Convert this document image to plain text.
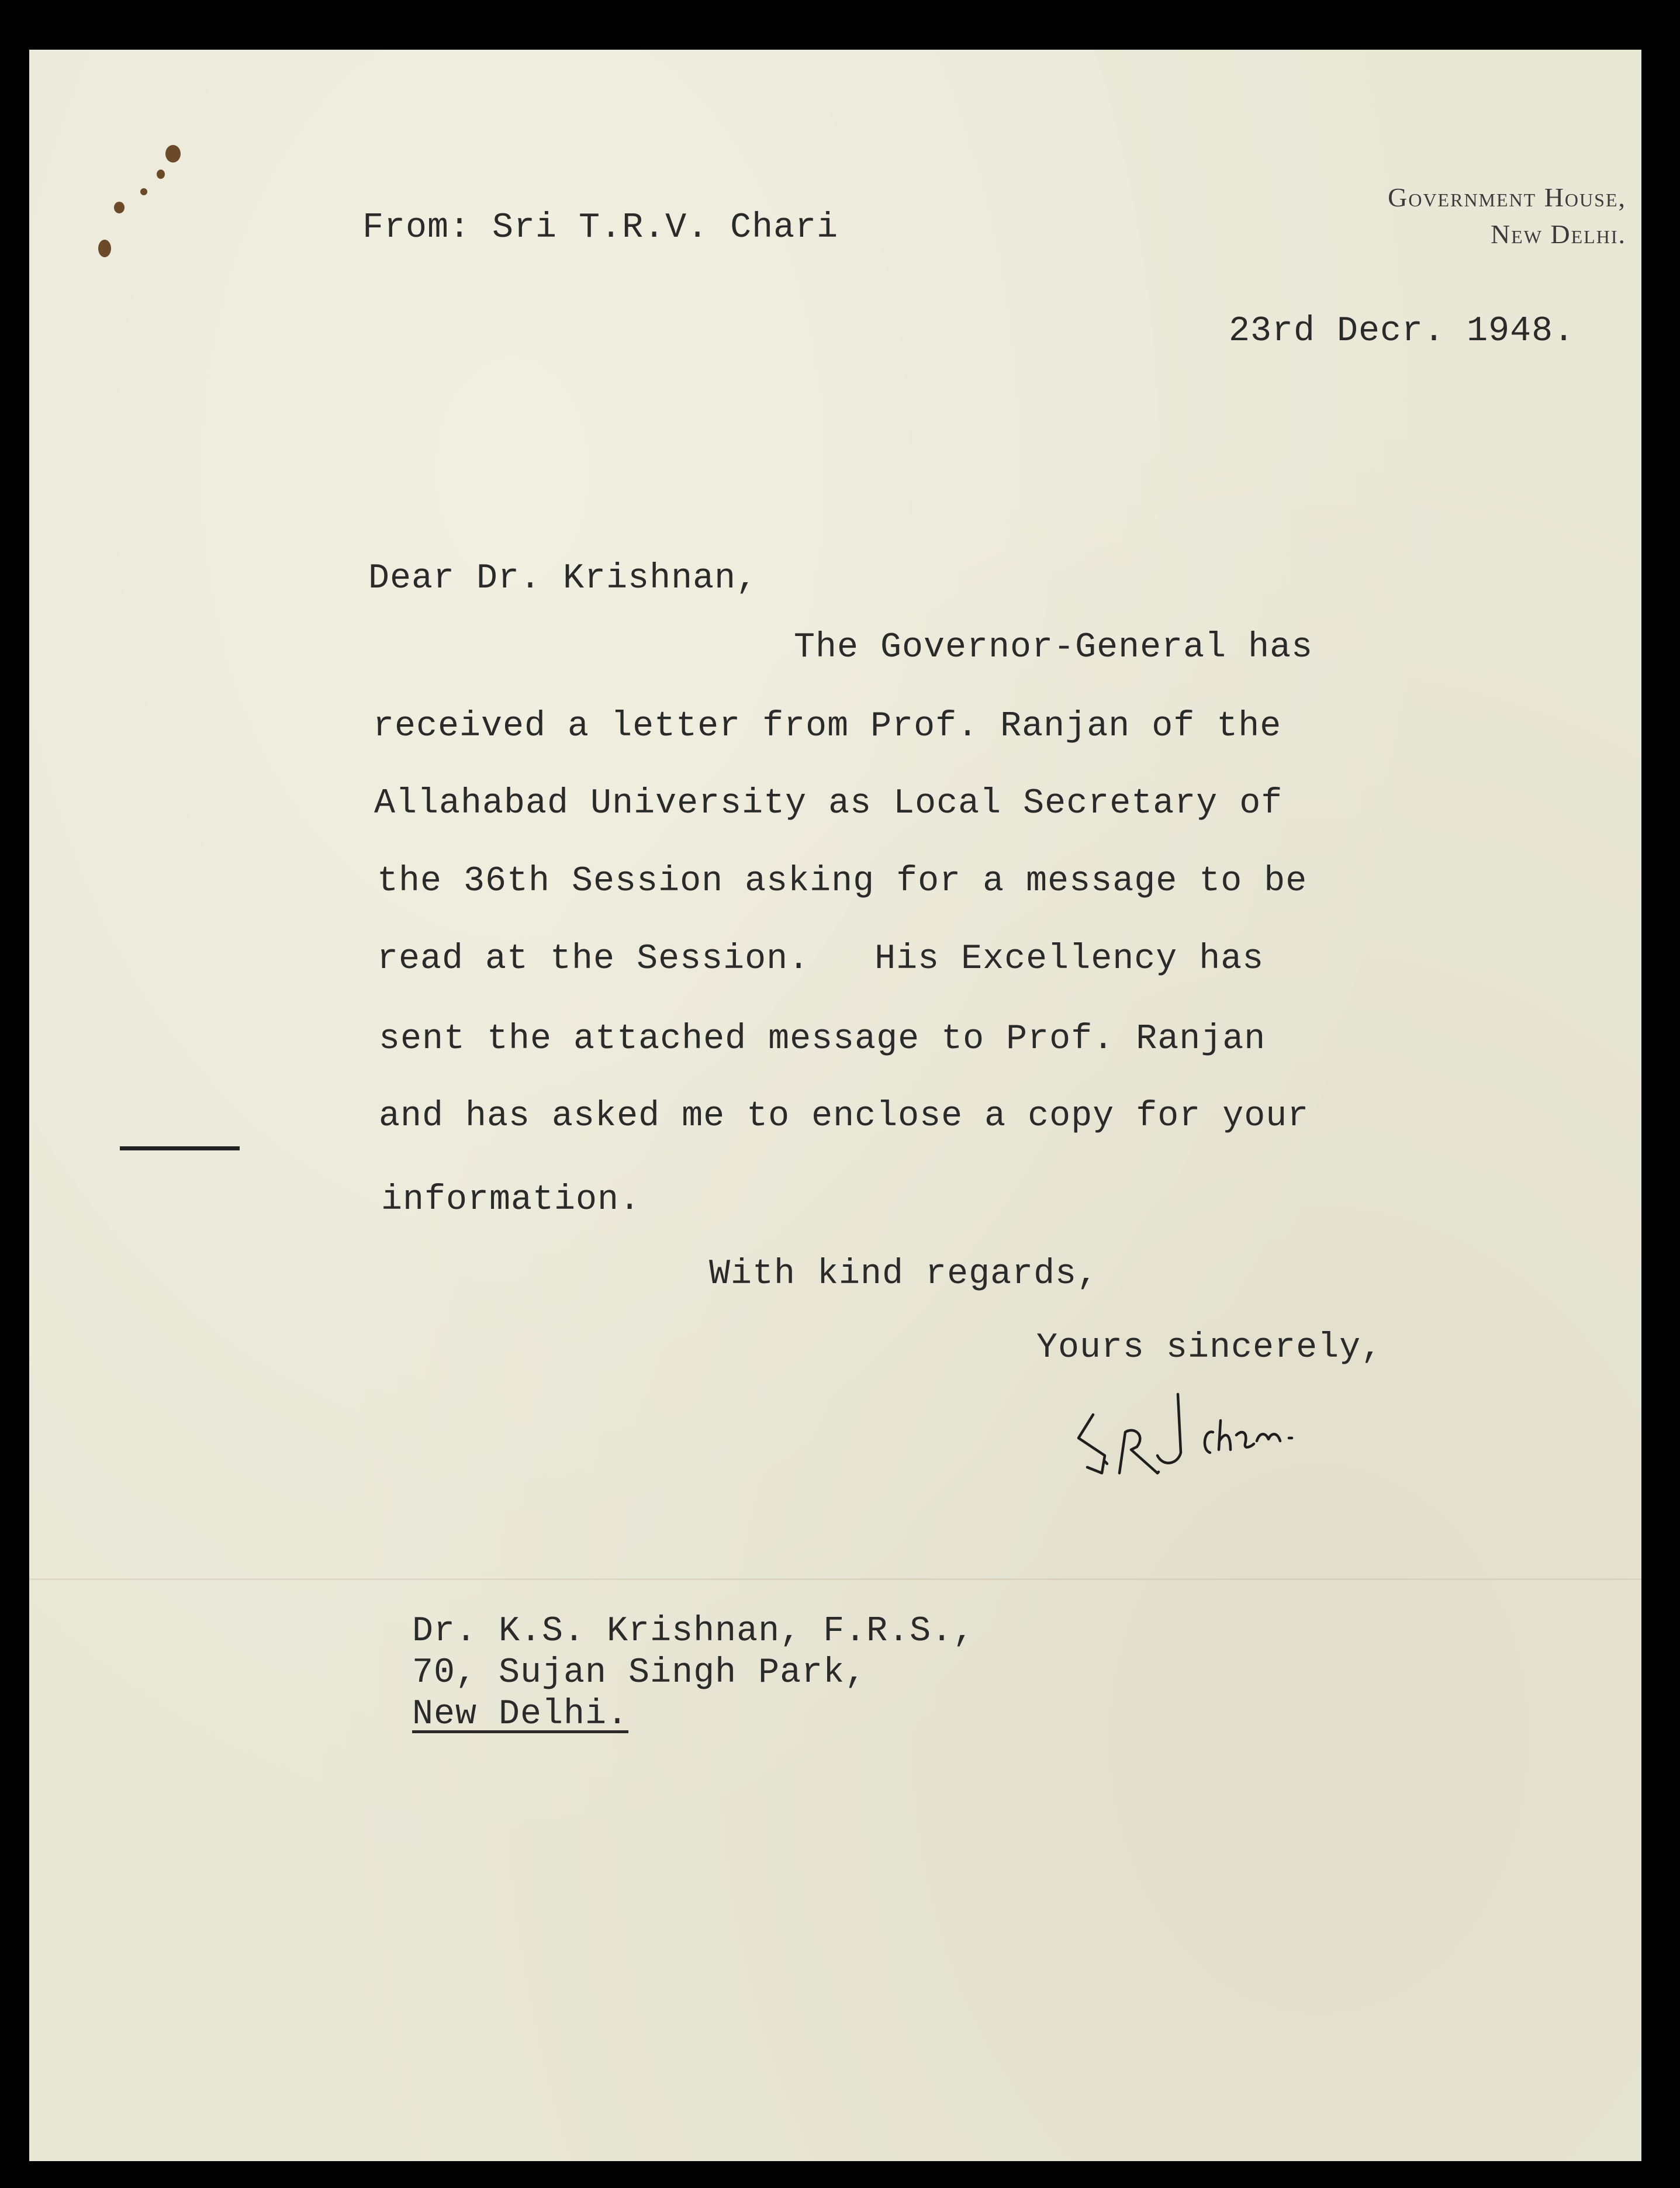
Government House,
New Delhi.
From: Sri T.R.V. Chari
23rd Decr. 1948.
Dear Dr. Krishnan,
The Governor-General has
received a letter from Prof. Ranjan of the
Allahabad University as Local Secretary of
the 36th Session asking for a message to be
read at the Session.   His Excellency has
sent the attached message to Prof. Ranjan
and has asked me to enclose a copy for your
information.
With kind regards,
Yours sincerely,
Dr. K.S. Krishnan, F.R.S.,
70, Sujan Singh Park,
New Delhi.
